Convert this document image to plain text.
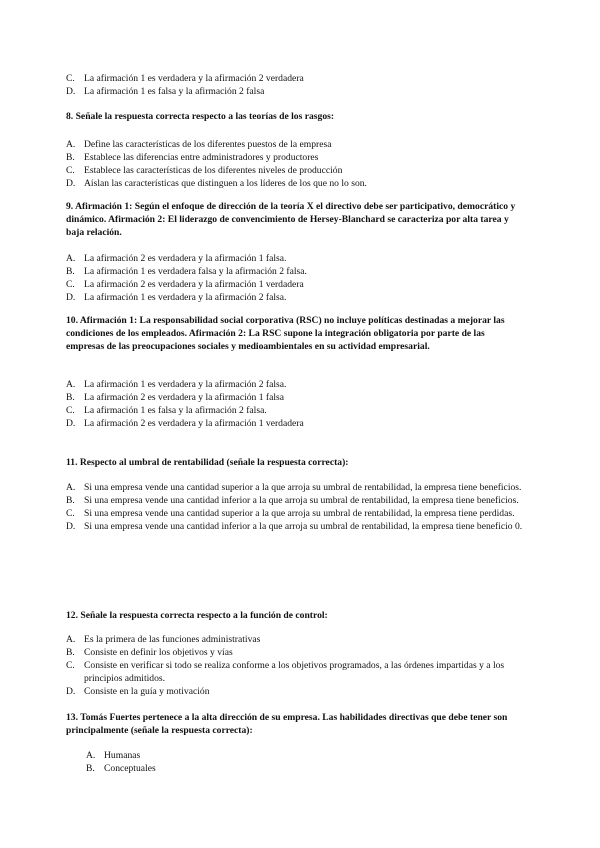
C. La afirmación 1 es verdadera y la afirmación 2 verdadera
D. La afirmación 1 es falsa y la afirmación 2 falsa
8. Señale la respuesta correcta respecto a las teorías de los rasgos:
A. Define las características de los diferentes puestos de la empresa
B. Establece las diferencias entre administradores y productores
C. Establece las características de los diferentes niveles de producción
D. Aíslan las características que distinguen a los líderes de los que no lo son.
9. Afirmación 1: Según el enfoque de dirección de la teoría X el directivo debe ser participativo, democrático y dinámico. Afirmación 2: El liderazgo de convencimiento de Hersey-Blanchard se caracteriza por alta tarea y baja relación.
A. La afirmación 2 es verdadera y la afirmación 1 falsa.
B. La afirmación 1 es verdadera falsa y la afirmación 2 falsa.
C. La afirmación 2 es verdadera y la afirmación 1 verdadera
D. La afirmación 1 es verdadera y la afirmación 2 falsa.
10. Afirmación 1: La responsabilidad social corporativa (RSC) no incluye políticas destinadas a mejorar las condiciones de los empleados. Afirmación 2: La RSC supone la integración obligatoria por parte de las empresas de las preocupaciones sociales y medioambientales en su actividad empresarial.
A. La afirmación 1 es verdadera y la afirmación 2 falsa.
B. La afirmación 2 es verdadera y la afirmación 1 falsa
C. La afirmación 1 es falsa y la afirmación 2 falsa.
D. La afirmación 2 es verdadera y la afirmación 1 verdadera
11. Respecto al umbral de rentabilidad (señale la respuesta correcta):
A. Si una empresa vende una cantidad superior a la que arroja su umbral de rentabilidad, la empresa tiene beneficios.
B. Si una empresa vende una cantidad inferior a la que arroja su umbral de rentabilidad, la empresa tiene beneficios.
C. Si una empresa vende una cantidad superior a la que arroja su umbral de rentabilidad, la empresa tiene perdidas.
D. Si una empresa vende una cantidad inferior a la que arroja su umbral de rentabilidad, la empresa tiene beneficio 0.
12. Señale la respuesta correcta respecto a la función de control:
A. Es la primera de las funciones administrativas
B. Consiste en definir los objetivos y vías
C. Consiste en verificar si todo se realiza conforme a los objetivos programados, a las órdenes impartidas y a los principios admitidos.
D. Consiste en la guía y motivación
13. Tomás Fuertes pertenece a la alta dirección de su empresa. Las habilidades directivas que debe tener son principalmente (señale la respuesta correcta):
A. Humanas
B. Conceptuales
